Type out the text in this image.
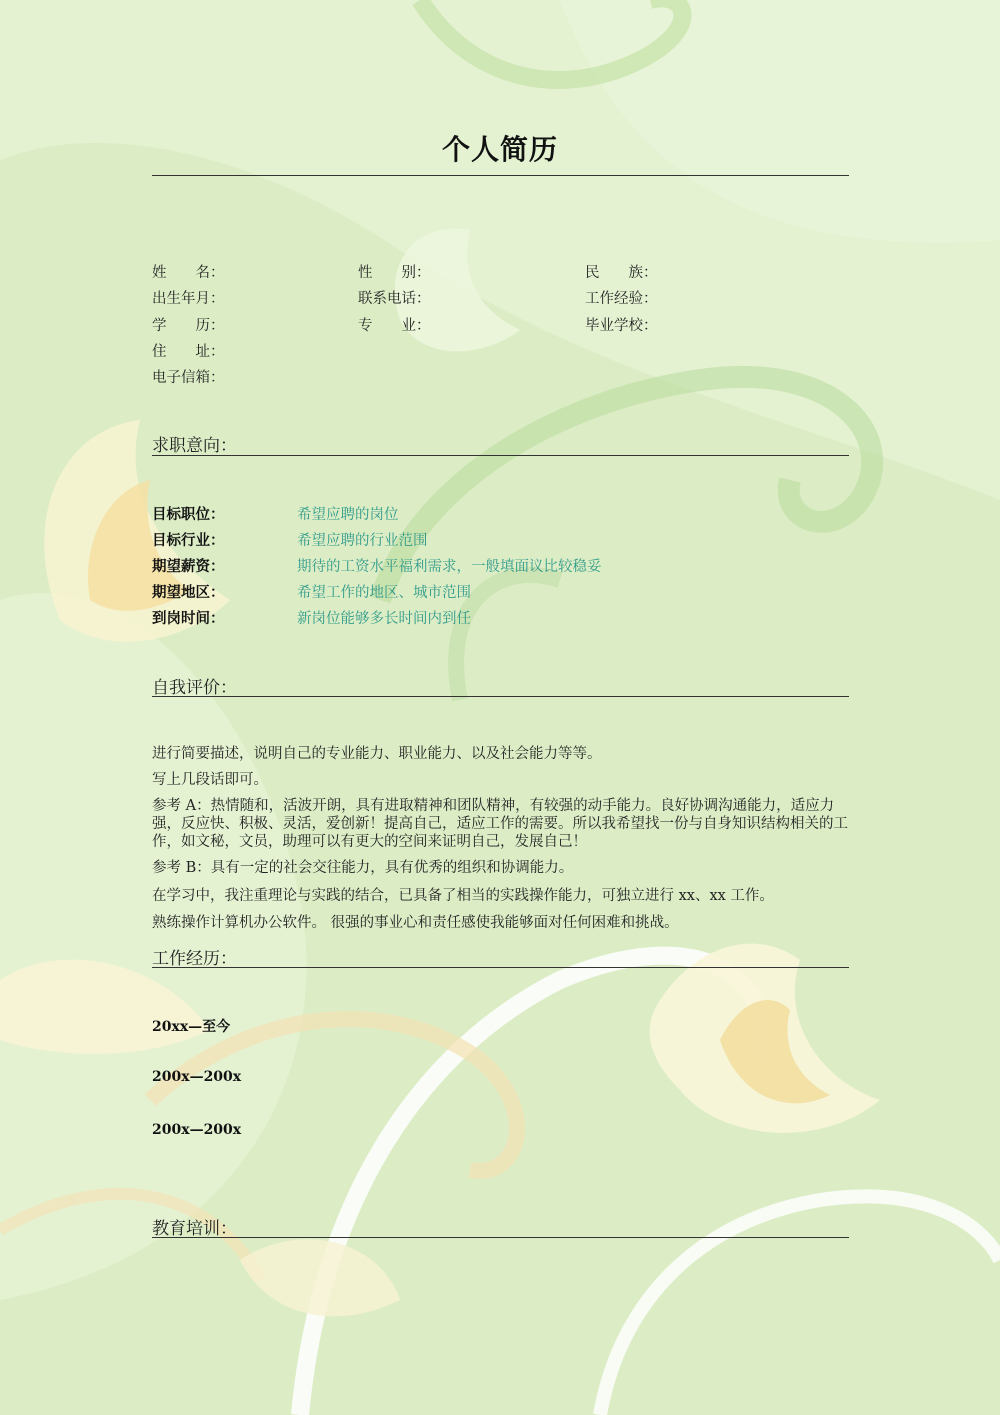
个人简历
姓　　名：	性　　别：	民　　族：
出生年月：	联系电话：	工作经验：
学　　历：	专　　业：	毕业学校：
住　　址：
电子信箱：
求职意向：
目标职位：	希望应聘的岗位
目标行业：	希望应聘的行业范围
期望薪资：	期待的工资水平福利需求，一般填面议比较稳妥
期望地区：	希望工作的地区、城市范围
到岗时间：	新岗位能够多长时间内到任
自我评价：
进行简要描述，说明自己的专业能力、职业能力、以及社会能力等等。
写上几段话即可。
参考 A：热情随和，活波开朗，具有进取精神和团队精神，有较强的动手能力。良好协调沟通能力，适应力强，反应快、积极、灵活，爱创新！提高自己，适应工作的需要。所以我希望找一份与自身知识结构相关的工作，如文秘，文员，助理可以有更大的空间来证明自己，发展自己！
参考 B：具有一定的社会交往能力，具有优秀的组织和协调能力。
在学习中，我注重理论与实践的结合，已具备了相当的实践操作能力，可独立进行 xx、xx 工作。
熟练操作计算机办公软件。 很强的事业心和责任感使我能够面对任何困难和挑战。
工作经历：
20xx—至今
200x—200x
200x—200x
教育培训：
